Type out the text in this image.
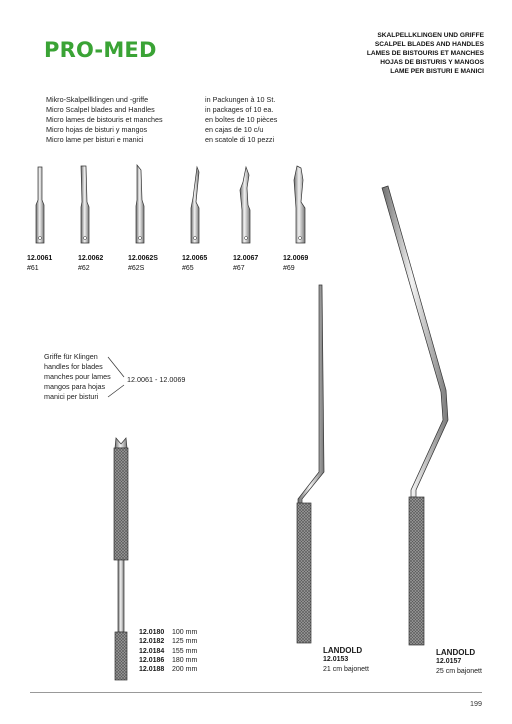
PRO-MED
SKALPELLKLINGEN UND GRIFFE
SCALPEL BLADES AND HANDLES
LAMES DE BISTOURIS ET MANCHES
HOJAS DE BISTURIS Y MANGOS
LAME PER BISTURI E MANICI
Mikro-Skalpellklingen und -griffe
Micro Scalpel blades and Handles
Micro lames de bistouris et manches
Micro hojas de bisturi y mangos
Micro lame per bisturi e manici
in Packungen à 10 St.
in packages of 10 ea.
en boîtes de 10 pièces
en cajas de 10 c/u
en scatole di 10 pezzi
12.0061
#61
12.0062
#62
12.0062S
#62S
12.0065
#65
12.0067
#67
12.0069
#69
Griffe für Klingen
handles for blades
manches pour lames
mangos para hojas
manici per bisturi
12.0061 - 12.0069
12.0180 100 mm
12.0182 125 mm
12.0184 155 mm
12.0186 180 mm
12.0188 200 mm
LANDOLD
12.0153
21 cm bajonett
LANDOLD
12.0157
25 cm bajonett
199
